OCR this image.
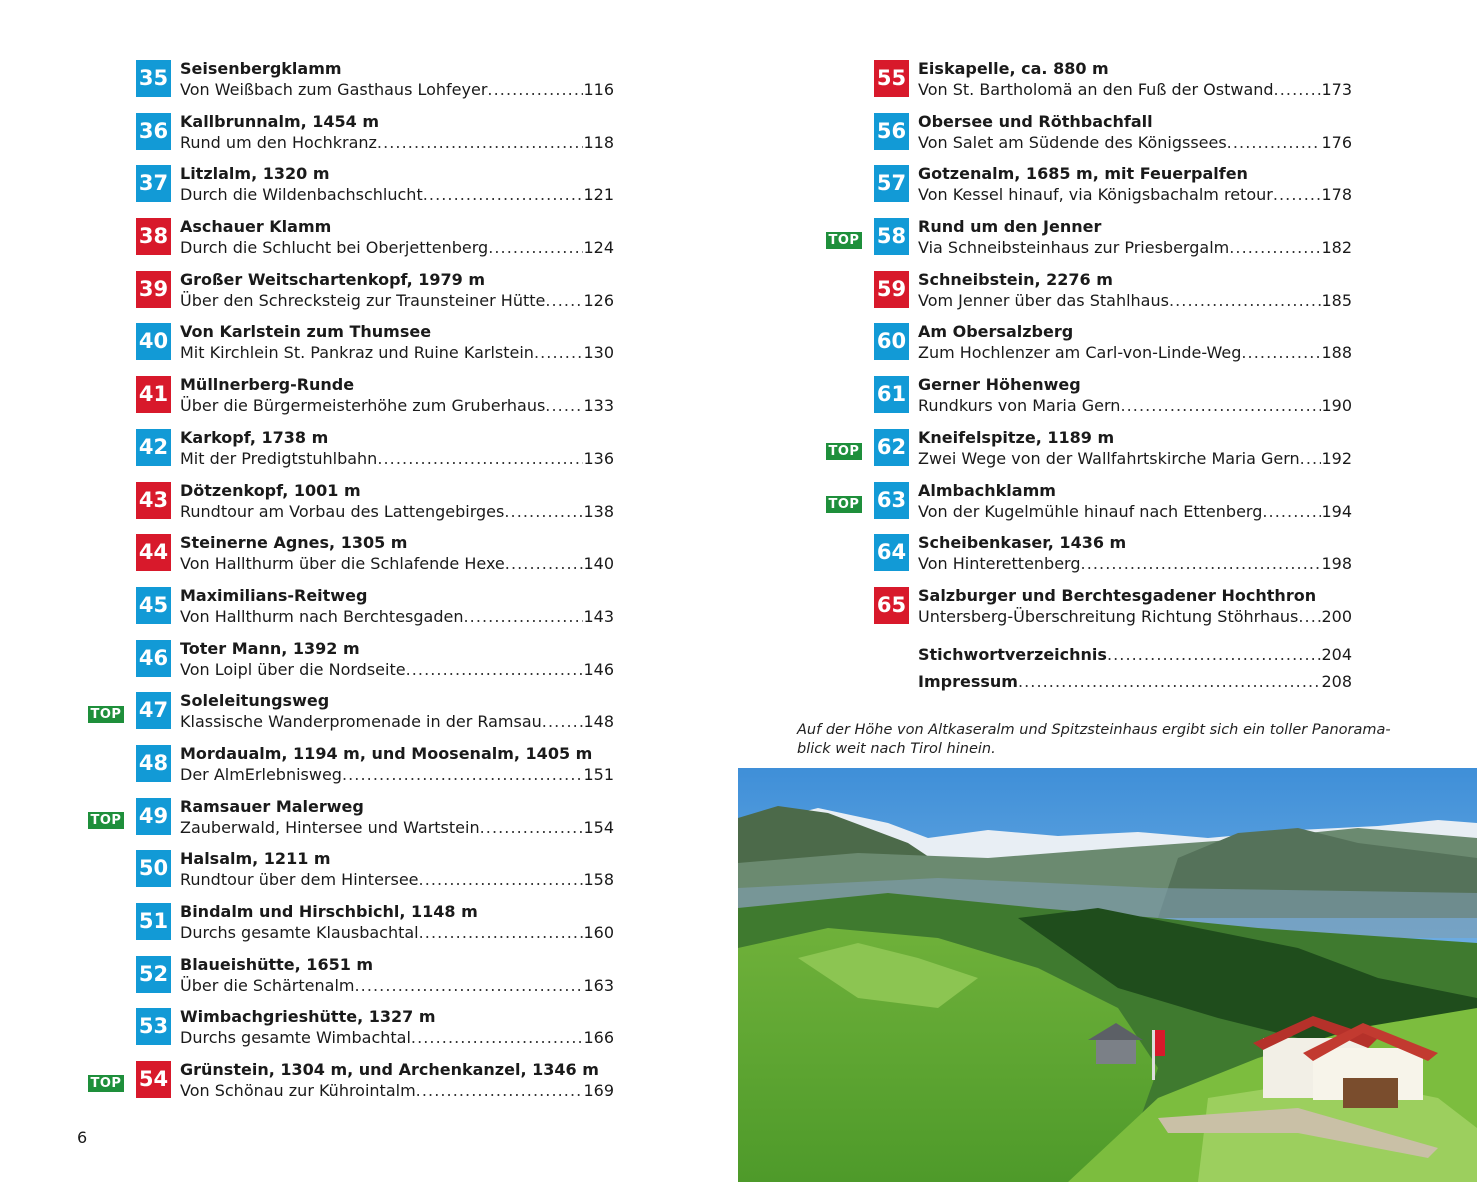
35 Seisenbergklamm
Von Weißbach zum Gasthaus Lohfeyer . . .	116
36 Kallbrunnalm, 1454 m
Rund um den Hochkranz . . .	118
37 Litzlalm, 1320 m
Durch die Wildenbachschlucht . . .	121
38 Aschauer Klamm
Durch die Schlucht bei Oberjettenberg . . .	124
39 Großer Weitschartenkopf, 1979 m
Über den Schrecksteig zur Traunsteiner Hütte . . . 126
40 Von Karlstein zum Thumsee
Mit Kirchlein St. Pankraz und Ruine Karlstein . . .	130
41 Müllnerberg-Runde
Über die Bürgermeisterhöhe zum Gruberhaus . . . 133
42 Karkopf, 1738 m
Mit der Predigtstuhlbahn . . .	136
43 Dötzenkopf, 1001 m
Rundtour am Vorbau des Lattengebirges . . .	138
44 Steinerne Agnes, 1305 m
Von Hallthurm über die Schlafende Hexe . . .	140
45 Maximilians-Reitweg
Von Hallthurm nach Berchtesgaden . . .	143
46 Toter Mann, 1392 m
Von Loipl über die Nordseite . . .	146
TOP 47 Soleleitungsweg
Klassische Wanderpromenade in der Ramsau . . .	148
48 Mordaualm, 1194 m, und Moosenalm, 1405 m
Der AlmErlebnisweg . . .	151
TOP 49 Ramsauer Malerweg
Zauberwald, Hintersee und Wartstein . . .	154
50 Halsalm, 1211 m
Rundtour über dem Hintersee . . .	158
51 Bindalm und Hirschbichl, 1148 m
Durchs gesamte Klausbachtal . . .	160
52 Blaueishütte, 1651 m
Über die Schärtenalm . . .	163
53 Wimbachgrieshütte, 1327 m
Durchs gesamte Wimbachtal . . .	166
TOP 54 Grünstein, 1304 m, und Archenkanzel, 1346 m
Von Schönau zur Kührointalm . . .	169
55 Eiskapelle, ca. 880 m
Von St. Bartholomä an den Fuß der Ostwand . . .	173
56 Obersee und Röthbachfall
Von Salet am Südende des Königssees . . .	176
57 Gotzenalm, 1685 m, mit Feuerpalfen
Von Kessel hinauf, via Königsbachalm retour . . .	178
TOP 58 Rund um den Jenner
Via Schneibsteinhaus zur Priesbergalm . . .	182
59 Schneibstein, 2276 m
Vom Jenner über das Stahlhaus . . .	185
60 Am Obersalzberg
Zum Hochlenzer am Carl-von-Linde-Weg . . .	188
61 Gerner Höhenweg
Rundkurs von Maria Gern . . .	190
TOP 62 Kneifelspitze, 1189 m
Zwei Wege von der Wallfahrtskirche Maria Gern . . . 192
TOP 63 Almbachklamm
Von der Kugelmühle hinauf nach Ettenberg . . .	194
64 Scheibenkaser, 1436 m
Von Hinterettenberg . . .	198
65 Salzburger und Berchtesgadener Hochthron
Untersberg-Überschreitung Richtung Stöhrhaus . . . 200
Stichwortverzeichnis . . .	204
Impressum . . .	208
6
Auf der Höhe von Altkaseralm und Spitzsteinhaus ergibt sich ein toller Panorama-blick weit nach Tirol hinein.
